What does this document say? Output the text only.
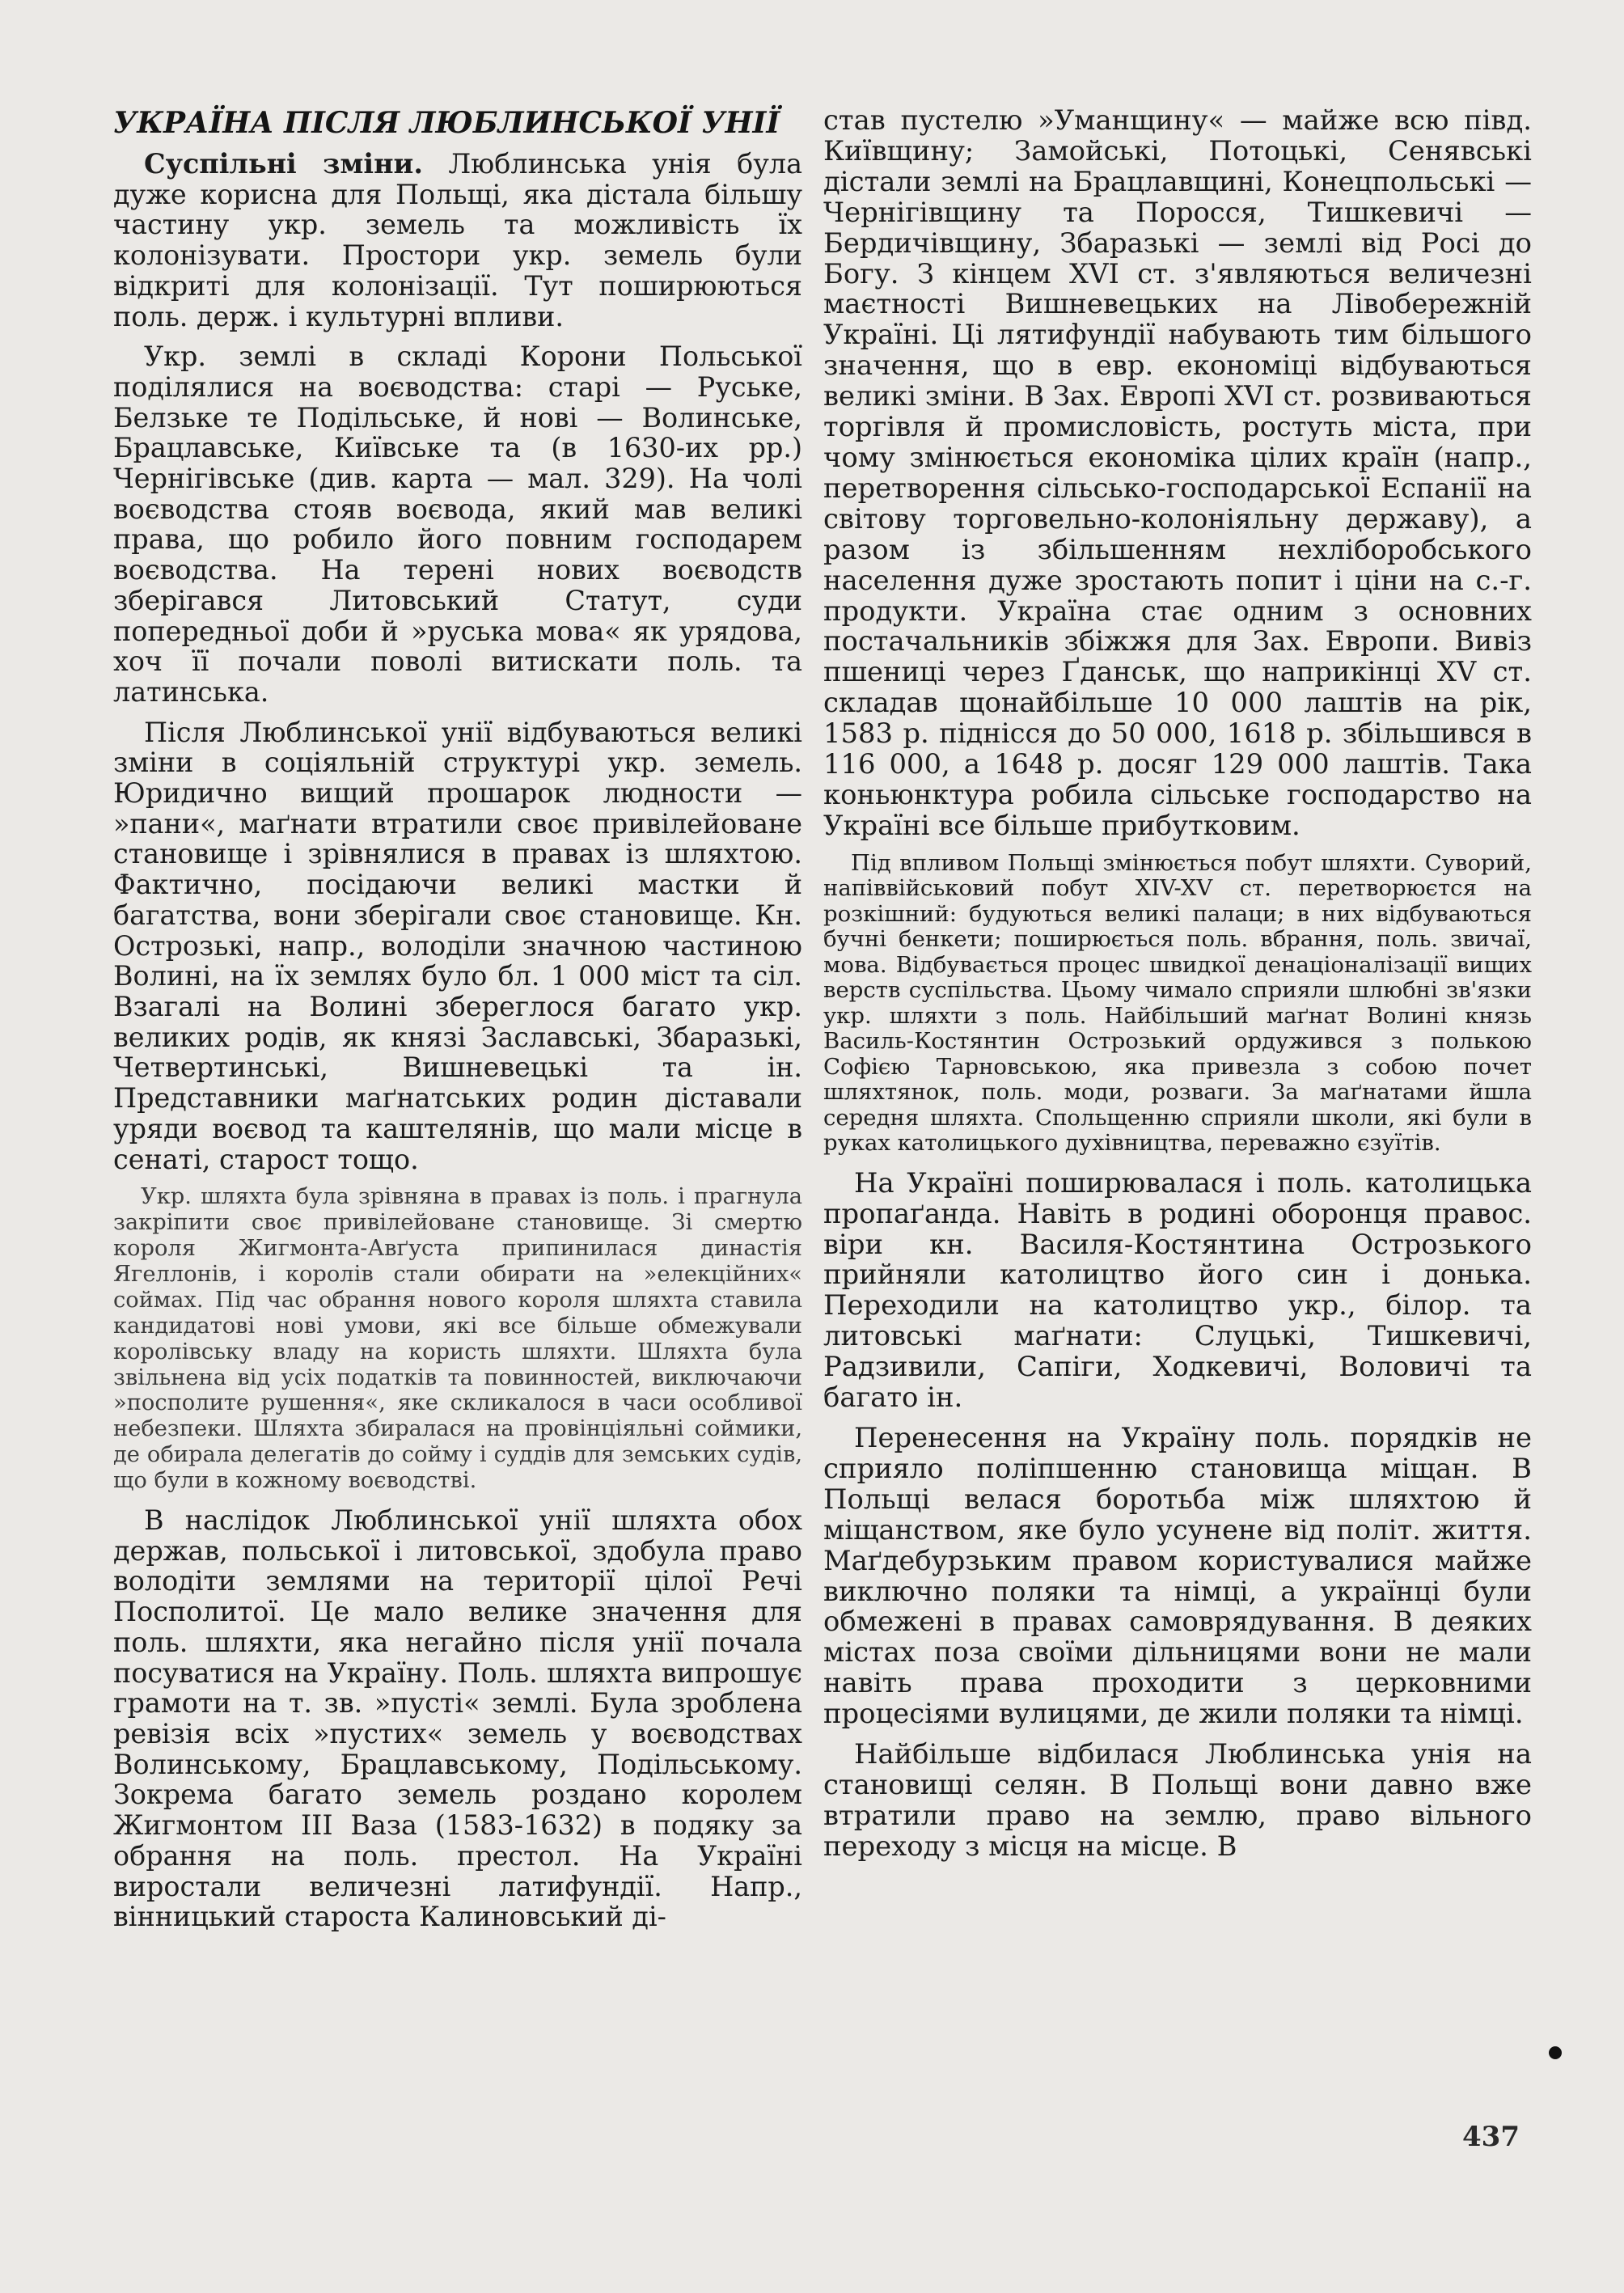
УКРАЇНА ПІСЛЯ ЛЮБЛИНСЬКОЇ УНІЇ

Суспільні зміни. Люблинська унія була дуже корисна для Польщі, яка дістала більшу частину укр. земель та можливість їх колонізувати. Простори укр. земель були відкриті для колонізації. Тут поширюються поль. держ. і культурні впливи.

Укр. землі в складі Корони Польської поділялися на воєводства: старі — Руське, Белзьке те Подільське, й нові — Волинське, Брацлавське, Київське та (в 1630-их рр.) Чернігівське (див. карта — мал. 329). На чолі воєводства стояв воєвода, який мав великі права, що робило його повним господарем воєводства. На терені нових воєводств зберігався Литовський Статут, суди попередньої доби й »руська мова« як урядова, хоч її почали поволі витискати поль. та латинська.

Після Люблинської унії відбуваються великі зміни в соціяльній структурі укр. земель. Юридично вищий прошарок людности — »пани«, маґнати втратили своє привілейоване становище і зрівнялися в правах із шляхтою. Фактично, посідаючи великі мастки й багатства, вони зберігали своє становище. Кн. Острозькі, напр., володіли значною частиною Волині, на їх землях було бл. 1 000 міст та сіл. Взагалі на Волині збереглося багато укр. великих родів, як князі Заславські, Збаразькі, Четвертинські, Вишневецькі та ін. Представники маґнатських родин діставали уряди воєвод та каштелянів, що мали місце в сенаті, старост тощо.

Укр. шляхта була зрівняна в правах із поль. і прагнула закріпити своє привілейоване становище. Зі смертю короля Жигмонта-Авґуста припинилася династія Ягеллонів, і королів стали обирати на »елекційних« соймах. Під час обрання нового короля шляхта ставила кандидатові нові умови, які все більше обмежували королівську владу на користь шляхти. Шляхта була звільнена від усіх податків та повинностей, виключаючи »посполите рушення«, яке скликалося в часи особливої небезпеки. Шляхта збиралася на провінціяльні соймики, де обирала делегатів до сойму і суддів для земських судів, що були в кожному воєводстві.

В наслідок Люблинської унії шляхта обох держав, польської і литовської, здобула право володіти землями на території цілої Речі Посполитої. Це мало велике значення для поль. шляхти, яка негайно після унії почала посуватися на Україну. Поль. шляхта випрошує грамоти на т. зв. »пусті« землі. Була зроблена ревізія всіх »пустих« земель у воєводствах Волинському, Брацлавському, Подільському. Зокрема багато земель роздано королем Жигмонтом III Ваза (1583-1632) в подяку за обрання на поль. престол. На Україні виростали величезні латифундії. Напр., вінницький староста Калиновський ді-

став пустелю »Уманщину« — майже всю півд. Київщину; Замойські, Потоцькі, Сенявські дістали землі на Брацлавщині, Конецпольські — Чернігівщину та Поросся, Тишкевичі — Бердичівщину, Збаразькі — землі від Росі до Богу. З кінцем XVI ст. з'являються величезні маєтності Вишневецьких на Лівобережній Україні. Ці лятифундії набувають тим більшого значення, що в евр. економіці відбуваються великі зміни. В Зах. Европі XVI ст. розвиваються торгівля й промисловість, ростуть міста, при чому змінюється економіка цілих країн (напр., перетворення сільсько-господарської Еспанії на світову торговельно-колоніяльну державу), а разом із збільшенням нехліборобського населення дуже зростають попит і ціни на с.-г. продукти. Україна стає одним з основних постачальників збіжжя для Зах. Европи. Вивіз пшениці через Ґданськ, що наприкінці XV ст. складав щонайбільше 10 000 лаштів на рік, 1583 р. піднісся до 50 000, 1618 р. збільшився в 116 000, а 1648 р. досяг 129 000 лаштів. Така коньюнктура робила сільське господарство на Україні все більше прибутковим.

Під впливом Польщі змінюється побут шляхти. Суворий, напіввійськовий побут XIV-XV ст. перетворюєтся на розкішний: будуються великі палаци; в них відбуваються бучні бенкети; поширюється поль. вбрання, поль. звичаї, мова. Відбувається процес швидкої денаціоналізації вищих верств суспільства. Цьому чимало сприяли шлюбні зв'язки укр. шляхти з поль. Найбільший маґнат Волині князь Василь-Костянтин Острозький ордужився з полькою Софією Тарновською, яка привезла з собою почет шляхтянок, поль. моди, розваги. За маґнатами йшла середня шляхта. Спольщенню сприяли школи, які були в руках католицького духівництва, переважно єзуїтів.

На Україні поширювалася і поль. католицька пропаґанда. Навіть в родині оборонця правос. віри кн. Василя-Костянтина Острозького прийняли католицтво його син і донька. Переходили на католицтво укр., білор. та литовські маґнати: Слуцькі, Тишкевичі, Радзивили, Сапіги, Ходкевичі, Воловичі та багато ін.

Перенесення на Україну поль. порядків не сприяло поліпшенню становища міщан. В Польщі велася боротьба між шляхтою й міщанством, яке було усунене від політ. життя. Маґдебурзьким правом користувалися майже виключно поляки та німці, а українці були обмежені в правах самоврядування. В деяких містах поза своїми дільницями вони не мали навіть права проходити з церковними процесіями вулицями, де жили поляки та німці.

Найбільше відбилася Люблинська унія на становищі селян. В Польщі вони давно вже втратили право на землю, право вільного переходу з місця на місце. В

437
